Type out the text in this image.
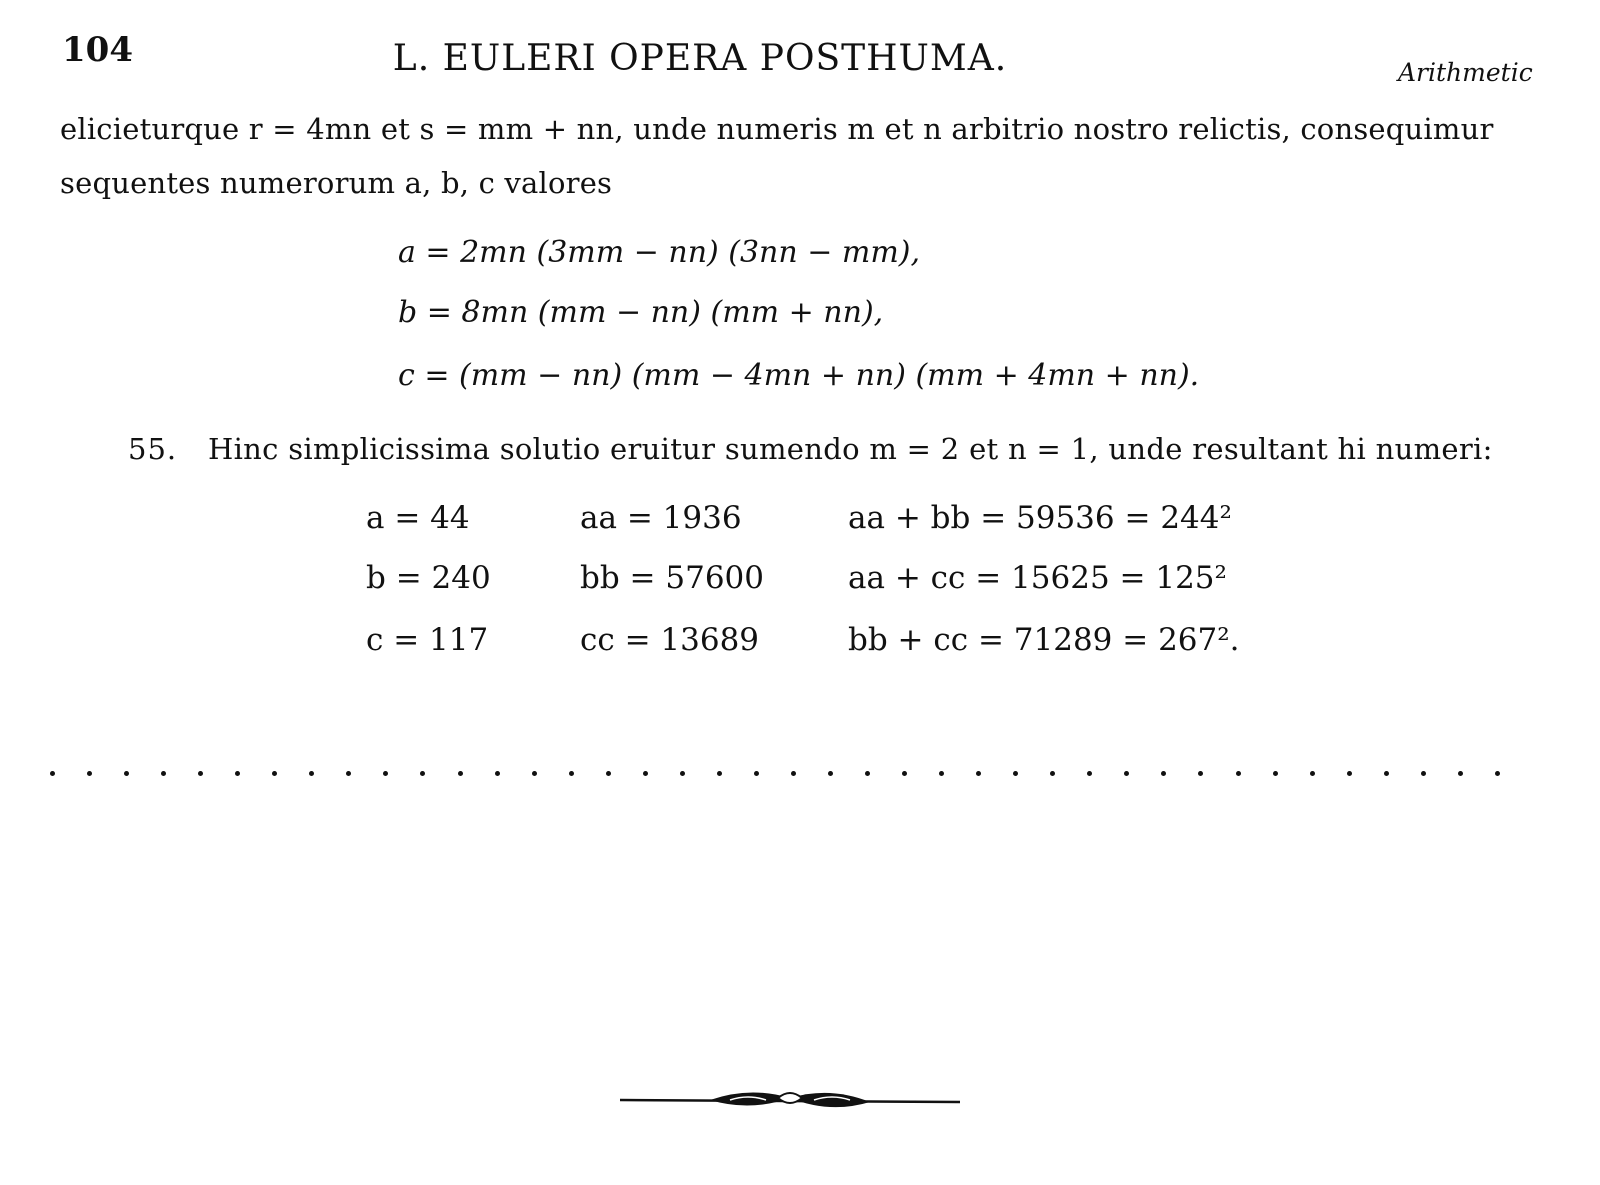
104	L. EULERI OPERA POSTHUMA.	Arithmetic
elicieturque r = 4mn et s = mm + nn, unde numeris m et n arbitrio nostro relictis, consequimur
sequentes numerorum a, b, c valores
a = 2mn (3mm − nn) (3nn − mm),
b = 8mn (mm − nn) (mm + nn),
c = (mm − nn) (mm − 4mn + nn) (mm + 4mn + nn).
55. Hinc simplicissima solutio eruitur sumendo m = 2 et n = 1, unde resultant hi numeri:
a = 44	aa = 1936	aa + bb = 59536 = 244²
b = 240	bb = 57600	aa + cc = 15625 = 125²
c = 117	cc = 13689	bb + cc = 71289 = 267².
